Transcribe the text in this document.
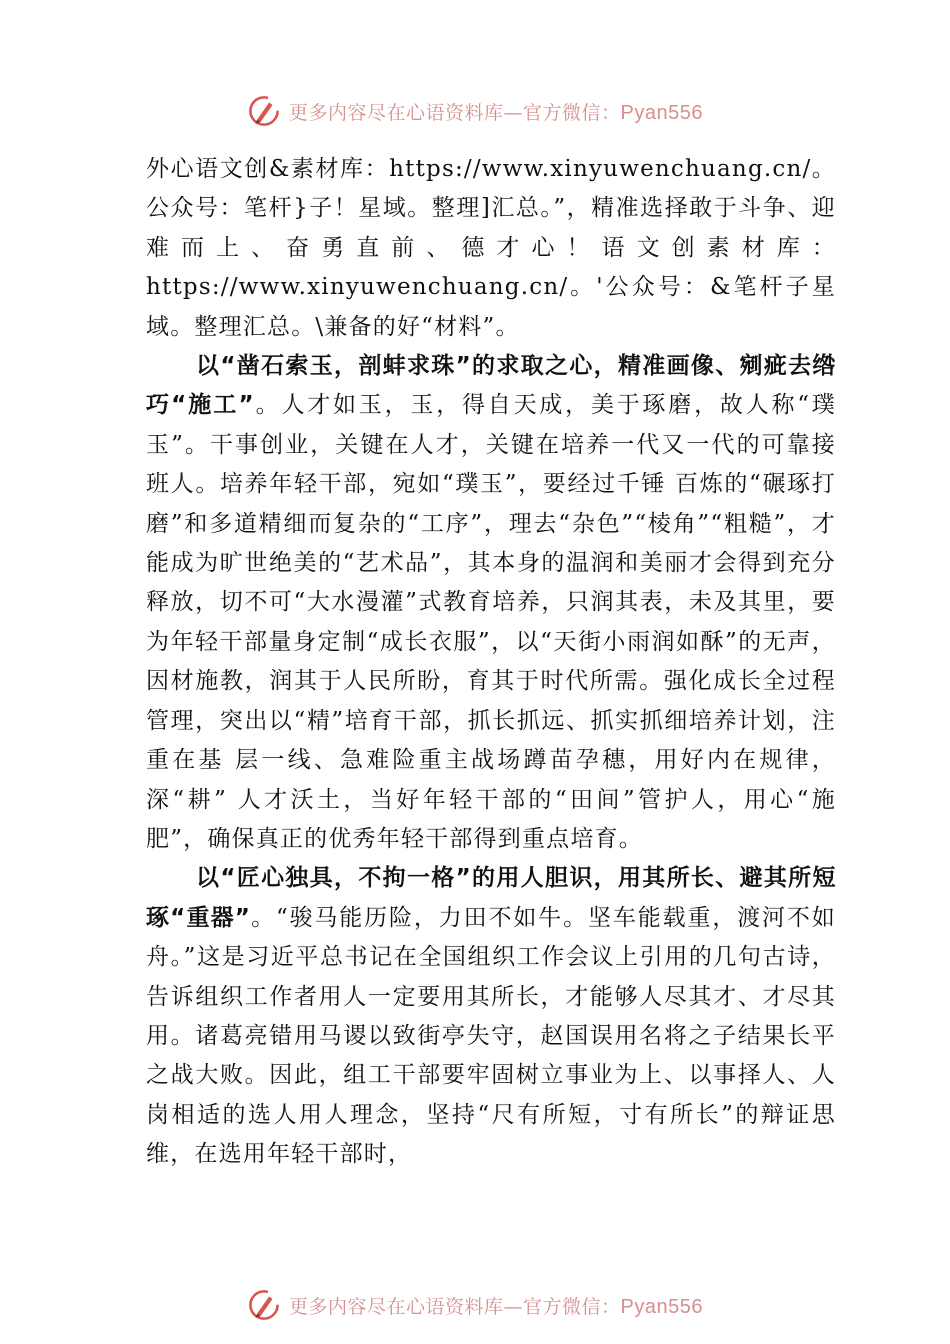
更多内容尽在心语资料库—官方微信：Pyan556

外心语文创&素材库：https://www.xinyuwenchuang.cn/。公众号：笔杆}子！星域。整理]汇总。”，精准选择敢于斗争、迎难而上、奋勇直前、德才心！语文创素材库：https://www.xinyuwenchuang.cn/。'公众号：&笔杆子星域。整理汇总。\兼备的好“材料”。

以“凿石索玉，剖蚌求珠”的求取之心，精准画像、剜疵去绺巧“施工”。人才如玉，玉，得自天成，美于琢磨，故人称“璞玉”。干事创业，关键在人才，关键在培养一代又一代的可靠接班人。培养年轻干部，宛如“璞玉”，要经过千锤 百炼的“碾琢打磨”和多道精细而复杂的“工序”，理去“杂色”“棱角”“粗糙”，才能成为旷世绝美的“艺术品”，其本身的温润和美丽才会得到充分释放，切不可“大水漫灌”式教育培养，只润其表，未及其里，要为年轻干部量身定制“成长衣服”，以“天街小雨润如酥”的无声，因材施教，润其于人民所盼，育其于时代所需。强化成长全过程管理，突出以“精”培育干部，抓长抓远、抓实抓细培养计划，注重在基 层一线、急难险重主战场蹲苗孕穗，用好内在规律，深“耕” 人才沃土，当好年轻干部的“田间”管护人，用心“施肥”，确保真正的优秀年轻干部得到重点培育。

以“匠心独具，不拘一格”的用人胆识，用其所长、避其所短琢“重器”。“骏马能历险，力田不如牛。坚车能载重，渡河不如舟。”这是习近平总书记在全国组织工作会议上引用的几句古诗，告诉组织工作者用人一定要用其所长，才能够人尽其才、才尽其用。诸葛亮错用马谡以致街亭失守，赵国误用名将之子结果长平之战大败。因此，组工干部要牢固树立事业为上、以事择人、人岗相适的选人用人理念，坚持“尺有所短，寸有所长”的辩证思维，在选用年轻干部时，

更多内容尽在心语资料库—官方微信：Pyan556
